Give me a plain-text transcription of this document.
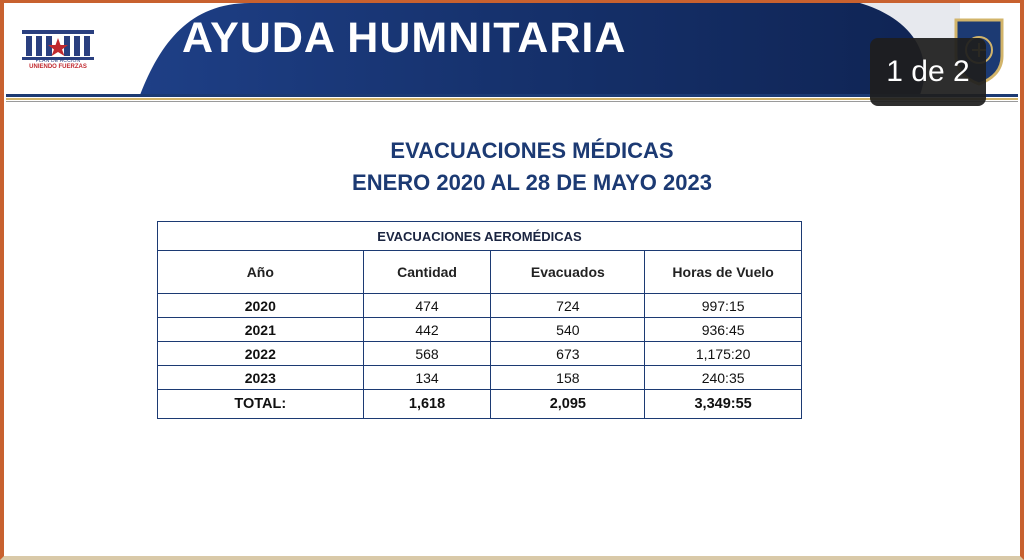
PLAN DE ACCIÓN
UNIENDO FUERZAS
AYUDA HUMNITARIA
1 de 2
EVACUACIONES MÉDICAS
ENERO 2020 AL 28 DE MAYO 2023
EVACUACIONES AEROMÉDICAS			
Año	Cantidad	Evacuados	Horas de Vuelo
2020	474	724	997:15
2021	442	540	936:45
2022	568	673	1,175:20
2023	134	158	240:35
TOTAL:	1,618	2,095	3,349:55
